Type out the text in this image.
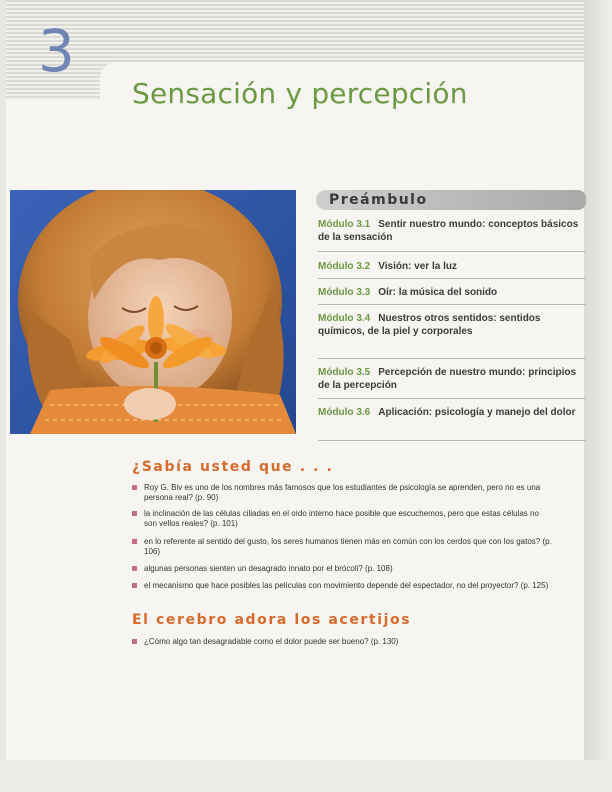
3
Sensación y percepción
Preámbulo
Módulo 3.1 Sentir nuestro mundo: conceptos básicos de la sensación
Módulo 3.2 Visión: ver la luz
Módulo 3.3 Oír: la música del sonido
Módulo 3.4 Nuestros otros sentidos: sentidos químicos, de la piel y corporales
Módulo 3.5 Percepción de nuestro mundo: principios de la percepción
Módulo 3.6 Aplicación: psicología y manejo del dolor
¿Sabía usted que . . .
Roy G. Biv es uno de los nombres más famosos que los estudiantes de psicología se aprenden, pero no es una persona real? (p. 90)
la inclinación de las células ciliadas en el oído interno hace posible que escuchemos, pero que estas células no son vellos reales? (p. 101)
en lo referente al sentido del gusto, los seres humanos tienen más en común con los cerdos que con los gatos? (p. 106)
algunas personas sienten un desagrado innato por el brócoli? (p. 108)
el mecanismo que hace posibles las películas con movimiento depende del espectador, no del proyector? (p. 125)
El cerebro adora los acertijos
¿Cómo algo tan desagradable como el dolor puede ser bueno? (p. 130)
